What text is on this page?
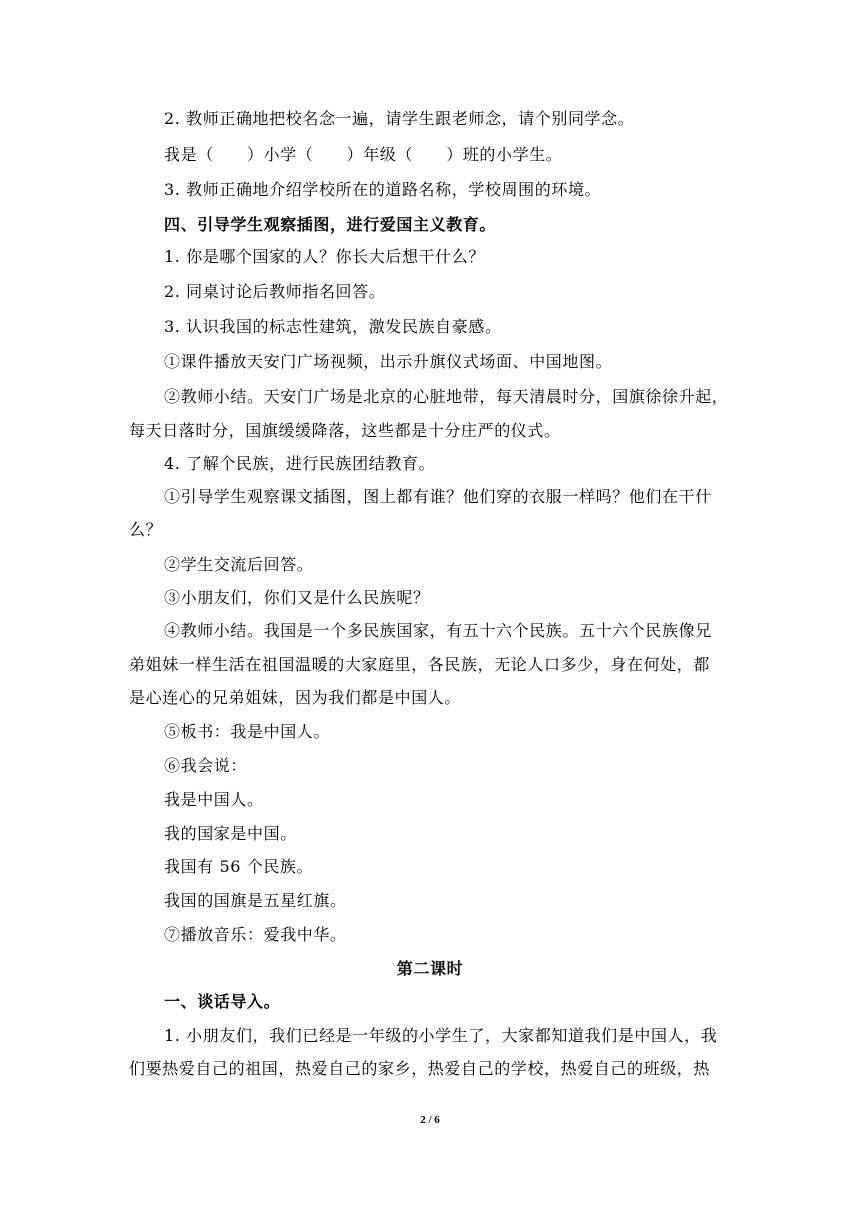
2. 教师正确地把校名念一遍，请学生跟老师念，请个别同学念。
我是（　　）小学（　　）年级（　　）班的小学生。
3. 教师正确地介绍学校所在的道路名称，学校周围的环境。
四、引导学生观察插图，进行爱国主义教育。
1. 你是哪个国家的人？你长大后想干什么？
2. 同桌讨论后教师指名回答。
3. 认识我国的标志性建筑，激发民族自豪感。
①课件播放天安门广场视频，出示升旗仪式场面、中国地图。
②教师小结。天安门广场是北京的心脏地带，每天清晨时分，国旗徐徐升起，
每天日落时分，国旗缓缓降落，这些都是十分庄严的仪式。
4. 了解个民族，进行民族团结教育。
①引导学生观察课文插图，图上都有谁？他们穿的衣服一样吗？他们在干什
么？
②学生交流后回答。
③小朋友们，你们又是什么民族呢？
④教师小结。我国是一个多民族国家，有五十六个民族。五十六个民族像兄
弟姐妹一样生活在祖国温暖的大家庭里，各民族，无论人口多少，身在何处，都
是心连心的兄弟姐妹，因为我们都是中国人。
⑤板书：我是中国人。
⑥我会说：
我是中国人。
我的国家是中国。
我国有 56 个民族。
我国的国旗是五星红旗。
⑦播放音乐：爱我中华。
第二课时
一、谈话导入。
1. 小朋友们，我们已经是一年级的小学生了，大家都知道我们是中国人，我
们要热爱自己的祖国，热爱自己的家乡，热爱自己的学校，热爱自己的班级，热
2 / 6
